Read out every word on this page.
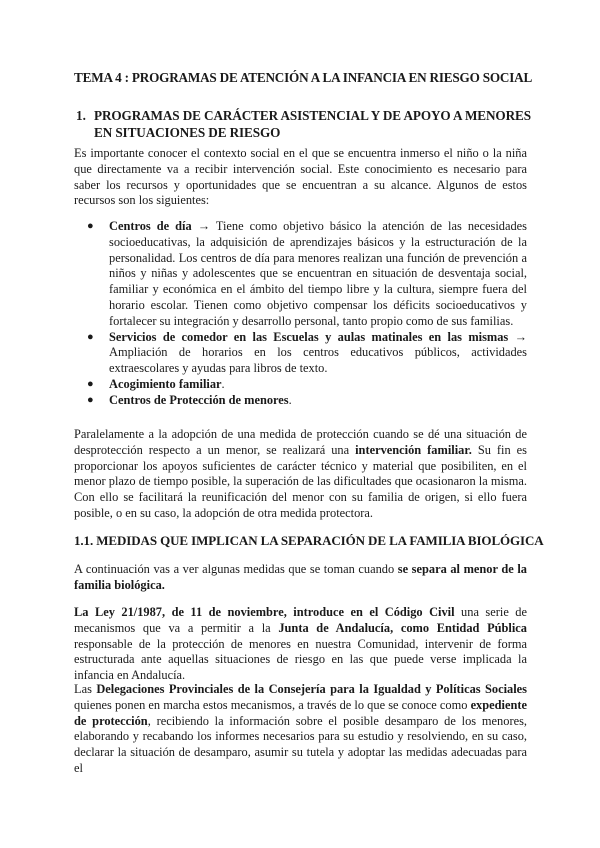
TEMA 4 : PROGRAMAS DE ATENCIÓN A LA INFANCIA EN RIESGO SOCIAL
1. PROGRAMAS DE CARÁCTER ASISTENCIAL Y DE APOYO A MENORES EN SITUACIONES DE RIESGO

Es importante conocer el contexto social en el que se encuentra inmerso el niño o la niña que directamente va a recibir intervención social. Este conocimiento es necesario para saber los recursos y oportunidades que se encuentran a su alcance. Algunos de estos recursos son los siguientes:

● Centros de día → Tiene como objetivo básico la atención de las necesidades socioeducativas, la adquisición de aprendizajes básicos y la estructuración de la personalidad. Los centros de día para menores realizan una función de prevención a niños y niñas y adolescentes que se encuentran en situación de desventaja social, familiar y económica en el ámbito del tiempo libre y la cultura, siempre fuera del horario escolar. Tienen como objetivo compensar los déficits socioeducativos y fortalecer su integración y desarrollo personal, tanto propio como de sus familias.
● Servicios de comedor en las Escuelas y aulas matinales en las mismas → Ampliación de horarios en los centros educativos públicos, actividades extraescolares y ayudas para libros de texto.
● Acogimiento familiar.
● Centros de Protección de menores.

Paralelamente a la adopción de una medida de protección cuando se dé una situación de desprotección respecto a un menor, se realizará una intervención familiar. Su fin es proporcionar los apoyos suficientes de carácter técnico y material que posibiliten, en el menor plazo de tiempo posible, la superación de las dificultades que ocasionaron la misma. Con ello se facilitará la reunificación del menor con su familia de origen, si ello fuera posible, o en su caso, la adopción de otra medida protectora.

1.1. MEDIDAS QUE IMPLICAN LA SEPARACIÓN DE LA FAMILIA BIOLÓGICA

A continuación vas a ver algunas medidas que se toman cuando se separa al menor de la familia biológica.

La Ley 21/1987, de 11 de noviembre, introduce en el Código Civil una serie de mecanismos que va a permitir a la Junta de Andalucía, como Entidad Pública responsable de la protección de menores en nuestra Comunidad, intervenir de forma estructurada ante aquellas situaciones de riesgo en las que puede verse implicada la infancia en Andalucía.

Las Delegaciones Provinciales de la Consejería para la Igualdad y Políticas Sociales quienes ponen en marcha estos mecanismos, a través de lo que se conoce como expediente de protección, recibiendo la información sobre el posible desamparo de los menores, elaborando y recabando los informes necesarios para su estudio y resolviendo, en su caso, declarar la situación de desamparo, asumir su tutela y adoptar las medidas adecuadas para el
